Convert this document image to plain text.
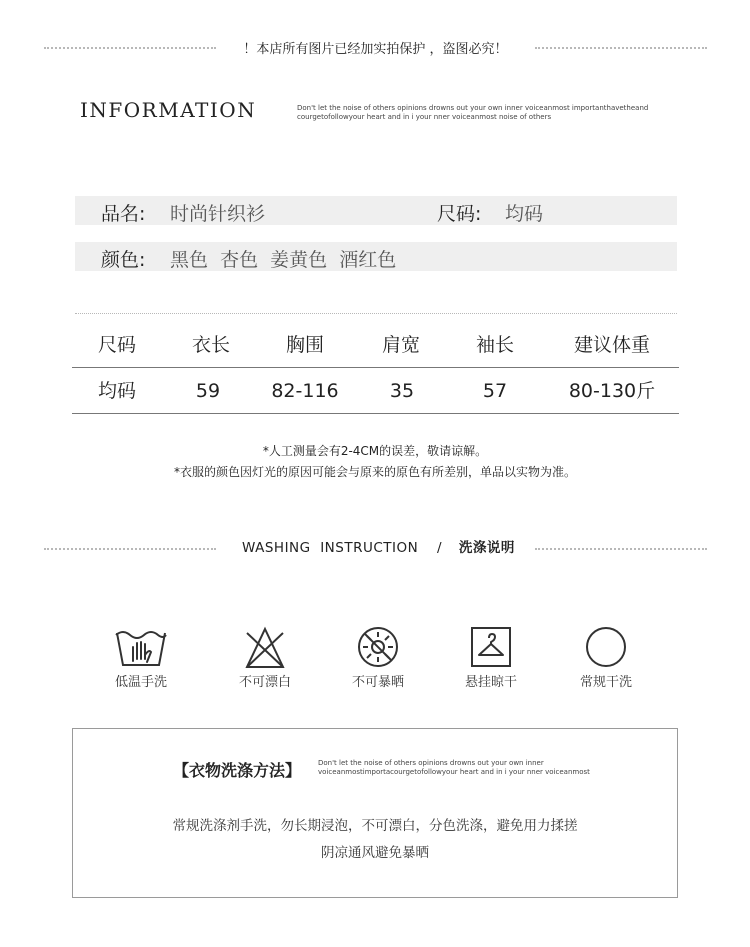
！本店所有图片已经加实拍保护 ，盗图必究！
INFORMATION	Don't let the noise of others opinions drowns out your own inner voiceanmost importanthavetheand
courgetofollowyour heart and in i your nner voiceanmost noise of others
品名: 时尚针织衫	尺码: 均码
颜色: 黑色  杏色  姜黄色  酒红色
尺码	衣长	胸围	肩宽	袖长	建议体重
均码	59	82-116	35	57	80-130斤
*人工测量会有2-4CM的误差，敬请谅解。
*衣服的颜色因灯光的原因可能会与原来的原色有所差别，单品以实物为准。
WASHING  INSTRUCTION / 洗涤说明
低温手洗	不可漂白	不可暴晒	悬挂晾干	常规干洗
【衣物洗涤方法】 Don't let the noise of others opinions drowns out your own inner
voiceanmostimportacourgetofollowyour heart and in i your nner voiceanmost
常规洗涤剂手洗，勿长期浸泡，不可漂白，分色洗涤，避免用力揉搓
阴凉通风避免暴晒
